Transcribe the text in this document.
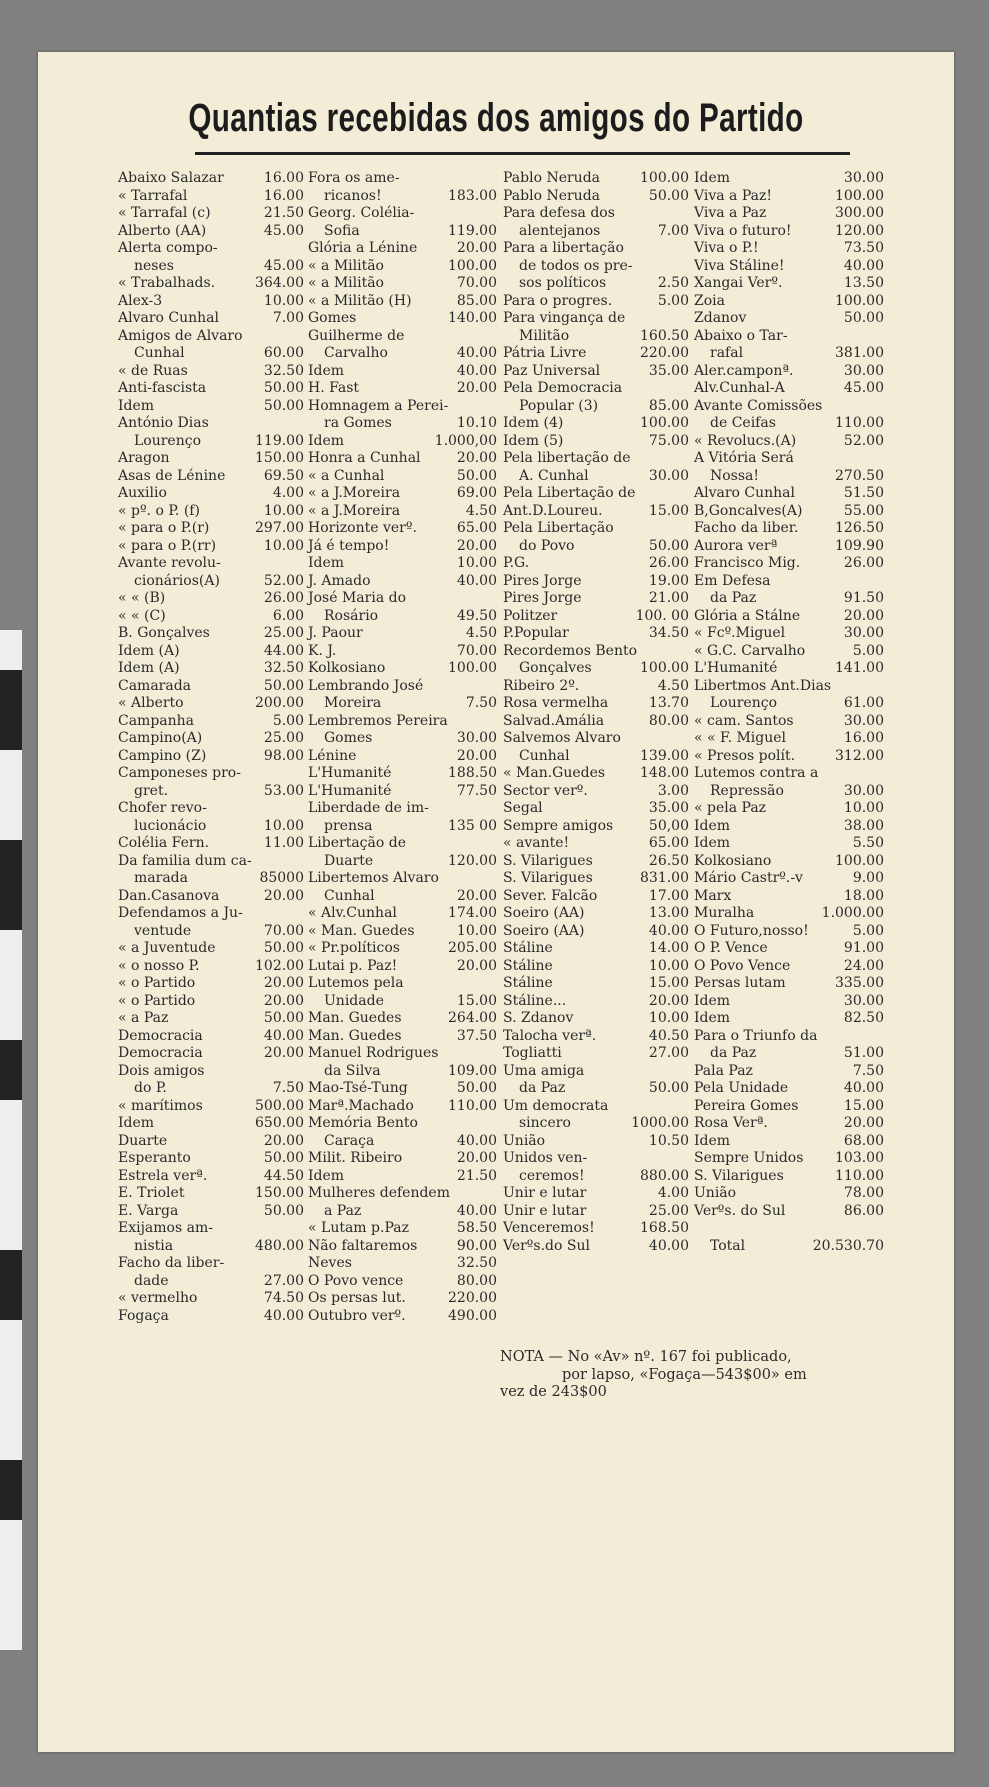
Quantias recebidas dos amigos do Partido
Abaixo Salazar	16.00
« Tarrafal	16.00
« Tarrafal (c)	21.50
Alberto (AA)	45.00
Alerta compo-
neses	45.00
« Trabalhads.	364.00
Alex-3	10.00
Alvaro Cunhal	7.00
Amigos de Alvaro
Cunhal	60.00
« de Ruas	32.50
Anti-fascista	50.00
Idem	50.00
António Dias
Lourenço	119.00
Aragon	150.00
Asas de Lénine	69.50
Auxilio	4.00
« pº. o P. (f)	10.00
« para o P.(r)	297.00
« para o P.(rr)	10.00
Avante revolu-
cionários(A)	52.00
« « (B)	26.00
« « (C)	6.00
B. Gonçalves	25.00
Idem (A)	44.00
Idem (A)	32.50
Camarada	50.00
« Alberto	200.00
Campanha	5.00
Campino(A)	25.00
Campino (Z)	98.00
Camponeses pro-
gret.	53.00
Chofer revo-
lucionácio	10.00
Colélia Fern.	11.00
Da familia dum ca-
marada	85000
Dan.Casanova	20.00
Defendamos a Ju-
ventude	70.00
« a Juventude	50.00
« o nosso P.	102.00
« o Partido	20.00
« o Partido	20.00
« a Paz	50.00
Democracia	40.00
Democracia	20.00
Dois amigos
do P.	7.50
« marítimos	500.00
Idem	650.00
Duarte	20.00
Esperanto	50.00
Estrela verª.	44.50
E. Triolet	150.00
E. Varga	50.00
Exijamos am-
nistia	480.00
Facho da liber-
dade	27.00
« vermelho	74.50
Fogaça	40.00
Fora os ame-
ricanos!	183.00
Georg. Colélia-
Sofia	119.00
Glória a Lénine	20.00
« a Militão	100.00
« a Militão	70.00
« a Militão (H)	85.00
Gomes	140.00
Guilherme de
Carvalho	40.00
Idem	40.00
H. Fast	20.00
Homnagem a Perei-
ra Gomes	10.10
Idem	1.000,00
Honra a Cunhal	20.00
« a Cunhal	50.00
« a J.Moreira	69.00
« a J.Moreira	4.50
Horizonte verº.	65.00
Já é tempo!	20.00
Idem	10.00
J. Amado	40.00
José Maria do
Rosário	49.50
J. Paour	4.50
K. J.	70.00
Kolkosiano	100.00
Lembrando José
Moreira	7.50
Lembremos Pereira
Gomes	30.00
Lénine	20.00
L'Humanité	188.50
L'Humanité	77.50
Liberdade de im-
prensa	135 00
Libertação de
Duarte	120.00
Libertemos Alvaro
Cunhal	20.00
« Alv.Cunhal	174.00
« Man. Guedes	10.00
« Pr.políticos	205.00
Lutai p. Paz!	20.00
Lutemos pela
Unidade	15.00
Man. Guedes	264.00
Man. Guedes	37.50
Manuel Rodrigues
da Silva	109.00
Mao-Tsé-Tung	50.00
Marª.Machado 110.00
Memória Bento
Caraça	40.00
Milit. Ribeiro	20.00
Idem	21.50
Mulheres defendem
a Paz	40.00
« Lutam p.Paz	58.50
Não faltaremos	90.00
Neves	32.50
O Povo vence	80.00
Os persas lut.	220.00
Outubro verº.	490.00
Pablo Neruda	100.00
Pablo Neruda	50.00
Para defesa dos
alentejanos	7.00
Para a libertação
de todos os pre-
sos políticos	2.50
Para o progres.	5.00
Para vingança de
Militão	160.50
Pátria Livre	220.00
Paz Universal	35.00
Pela Democracia
Popular (3)	85.00
Idem (4)	100.00
Idem (5)	75.00
Pela libertação de
A. Cunhal	30.00
Pela Libertação de
Ant.D.Loureu.	15.00
Pela Libertação
do Povo	50.00
P.G.	26.00
Pires Jorge	19.00
Pires Jorge	21.00
Politzer	100. 00
P.Popular	34.50
Recordemos Bento
Gonçalves	100.00
Ribeiro 2º.	4.50
Rosa vermelha	13.70
Salvad.Amália	80.00
Salvemos Alvaro
Cunhal	139.00
« Man.Guedes 148.00
Sector verº.	3.00
Segal	35.00
Sempre amigos	50,00
« avante!	65.00
S. Vilarigues	26.50
S. Vilarigues	831.00
Sever. Falcão	17.00
Soeiro (AA)	13.00
Soeiro (AA)	40.00
Stáline	14.00
Stáline	10.00
Stáline	15.00
Stáline...	20.00
S. Zdanov	10.00
Talocha verª.	40.50
Togliatti	27.00
Uma amiga
da Paz	50.00
Um democrata
sincero	1000.00
União	10.50
Unidos ven-
ceremos!	880.00
Unir e lutar	4.00
Unir e lutar	25.00
Venceremos!	168.50
Verºs.do Sul	40.00
Idem	30.00
Viva a Paz!	100.00
Viva a Paz	300.00
Viva o futuro!	120.00
Viva o P.!	73.50
Viva Stáline!	40.00
Xangai Verº.	13.50
Zoia	100.00
Zdanov	50.00
Abaixo o Tar-
rafal	381.00
Aler.camponª.	30.00
Alv.Cunhal-A	45.00
Avante Comissões
de Ceifas	110.00
« Revolucs.(A)	52.00
A Vitória Será
Nossa!	270.50
Alvaro Cunhal	51.50
B,Goncalves(A)	55.00
Facho da liber.	126.50
Aurora verª	109.90
Francisco Mig.	26.00
Em Defesa
da Paz	91.50
Glória a Stálne	20.00
« Fcº.Miguel	30.00
« G.C. Carvalho	5.00
L'Humanité	141.00
Libertmos Ant.Dias
Lourenço	61.00
« cam. Santos	30.00
« « F. Miguel	16.00
« Presos polít.	312.00
Lutemos contra a
Repressão	30.00
« pela Paz	10.00
Idem	38.00
Idem	5.50
Kolkosiano	100.00
Mário Castrº.-v	9.00
Marx	18.00
Muralha	1.000.00
O Futuro,nosso!	5.00
O P. Vence	91.00
O Povo Vence	24.00
Persas lutam	335.00
Idem	30.00
Idem	82.50
Para o Triunfo da
da Paz	51.00
Pala Paz	7.50
Pela Unidade	40.00
Pereira Gomes	15.00
Rosa Verª.	20.00
Idem	68.00
Sempre Unidos 103.00
S. Vilarigues	110.00
União	78.00
Verºs. do Sul	86.00
Total	20.530.70
NOTA — No «Av» nº. 167 foi publicado,
por lapso, «Fogaça—543$00» em
vez de 243$00
